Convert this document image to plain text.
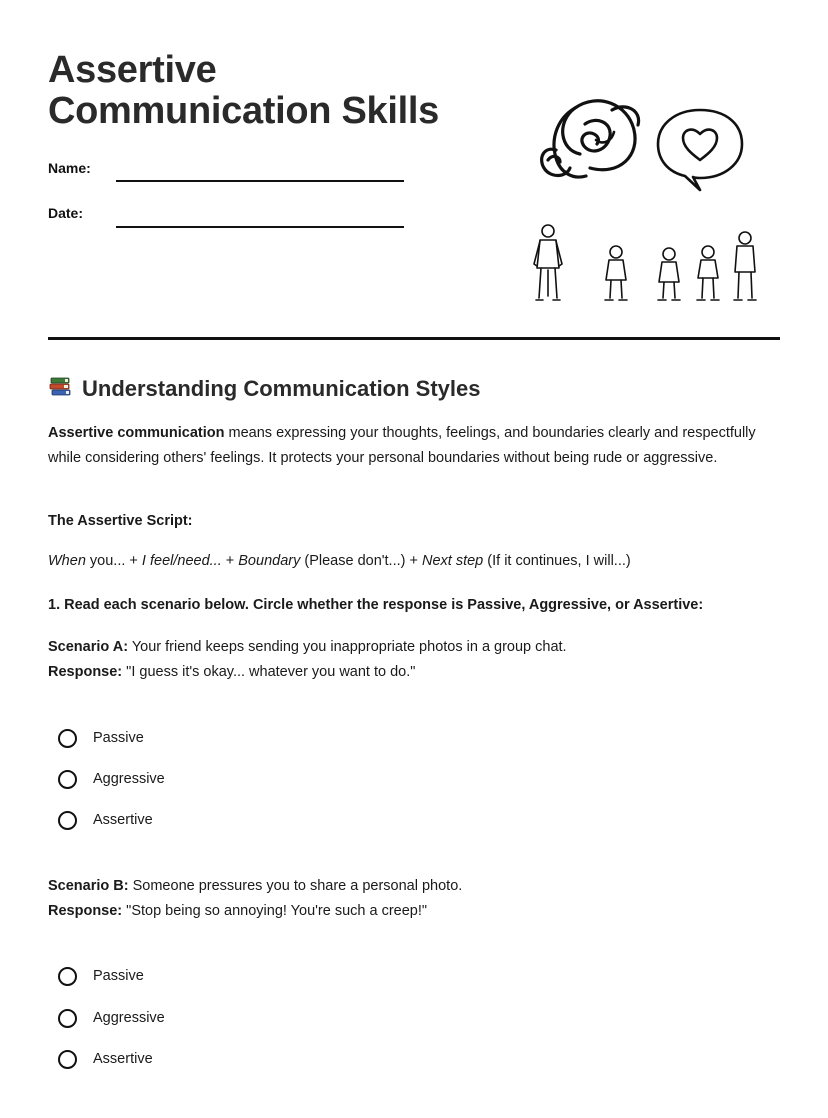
Assertive
Communication Skills
Name:
Date:
Understanding Communication Styles

Assertive communication means expressing your thoughts, feelings, and boundaries clearly and respectfully while considering others' feelings. It protects your personal boundaries without being rude or aggressive.

The Assertive Script:

When you... + I feel/need... + Boundary (Please don't...) + Next step (If it continues, I will...)

1. Read each scenario below. Circle whether the response is Passive, Aggressive, or Assertive:

Scenario A: Your friend keeps sending you inappropriate photos in a group chat.
Response: "I guess it's okay... whatever you want to do."

Passive
Aggressive
Assertive

Scenario B: Someone pressures you to share a personal photo.
Response: "Stop being so annoying! You're such a creep!"

Passive
Aggressive
Assertive
